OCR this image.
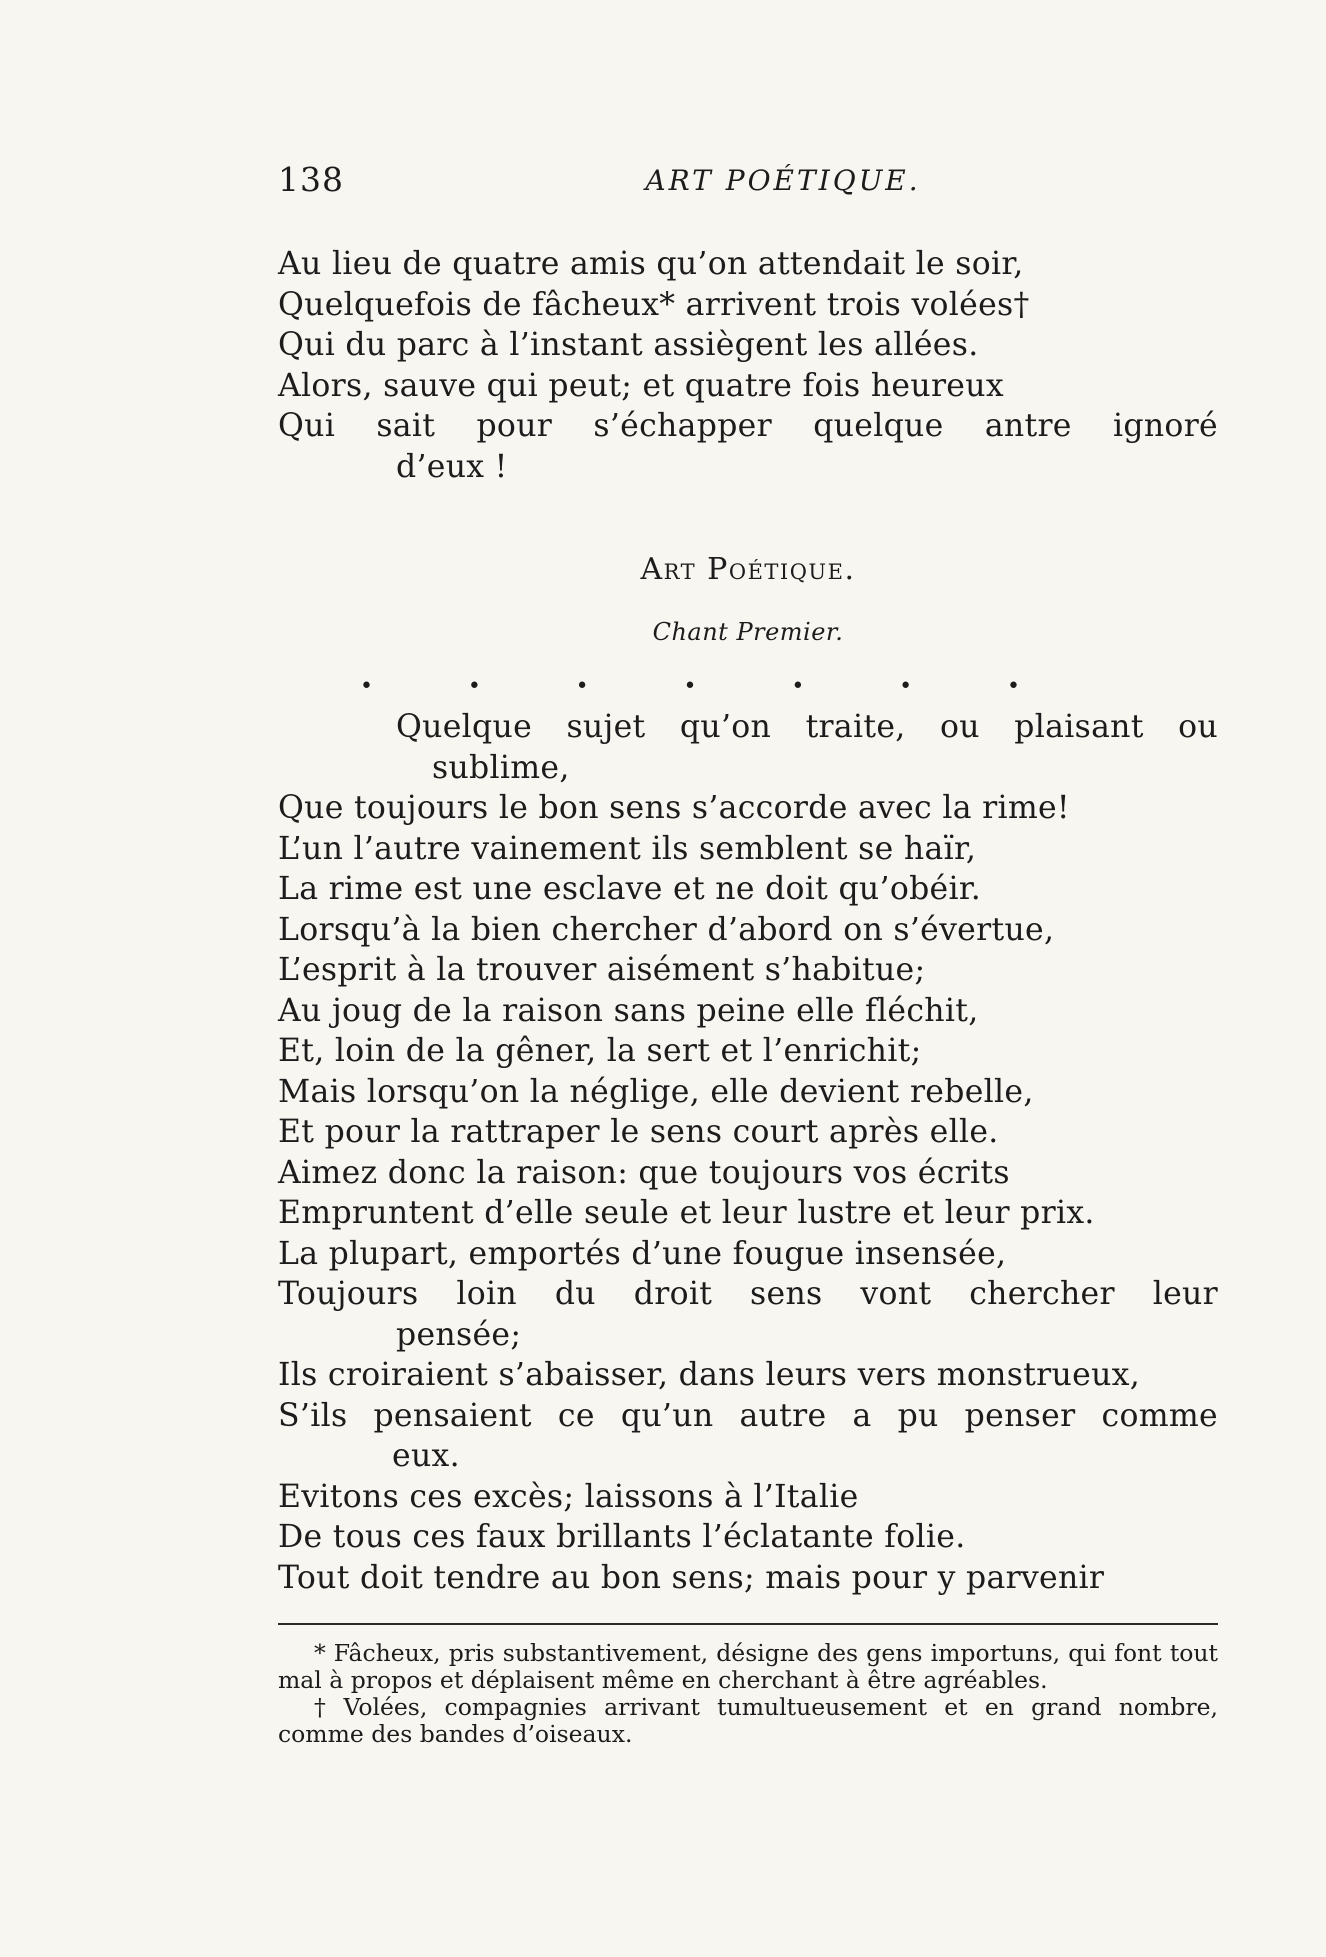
138	ART POÉTIQUE.
Au lieu de quatre amis qu’on attendait le soir,
Quelquefois de fâcheux* arrivent trois volées†
Qui du parc à l’instant assiègent les allées.
Alors, sauve qui peut; et quatre fois heureux
Qui sait pour s’échapper quelque antre ignoré
d’eux !
Art Poétique.
Chant Premier.
•	•	•	•	•	•	•
Quelque sujet qu’on traite, ou plaisant ou
sublime,
Que toujours le bon sens s’accorde avec la rime!
L’un l’autre vainement ils semblent se haïr,
La rime est une esclave et ne doit qu’obéir.
Lorsqu’à la bien chercher d’abord on s’évertue,
L’esprit à la trouver aisément s’habitue;
Au joug de la raison sans peine elle fléchit,
Et, loin de la gêner, la sert et l’enrichit;
Mais lorsqu’on la néglige, elle devient rebelle,
Et pour la rattraper le sens court après elle.
Aimez donc la raison: que toujours vos écrits
Empruntent d’elle seule et leur lustre et leur prix.
La plupart, emportés d’une fougue insensée,
Toujours loin du droit sens vont chercher leur
pensée;
Ils croiraient s’abaisser, dans leurs vers monstrueux,
S’ils pensaient ce qu’un autre a pu penser comme
eux.
Evitons ces excès; laissons à l’Italie
De tous ces faux brillants l’éclatante folie.
Tout doit tendre au bon sens; mais pour y parvenir
* Fâcheux, pris substantivement, désigne des gens importuns, qui font tout mal à propos et déplaisent même en cherchant à être agréables.
† Volées, compagnies arrivant tumultueusement et en grand nombre, comme des bandes d’oiseaux.
